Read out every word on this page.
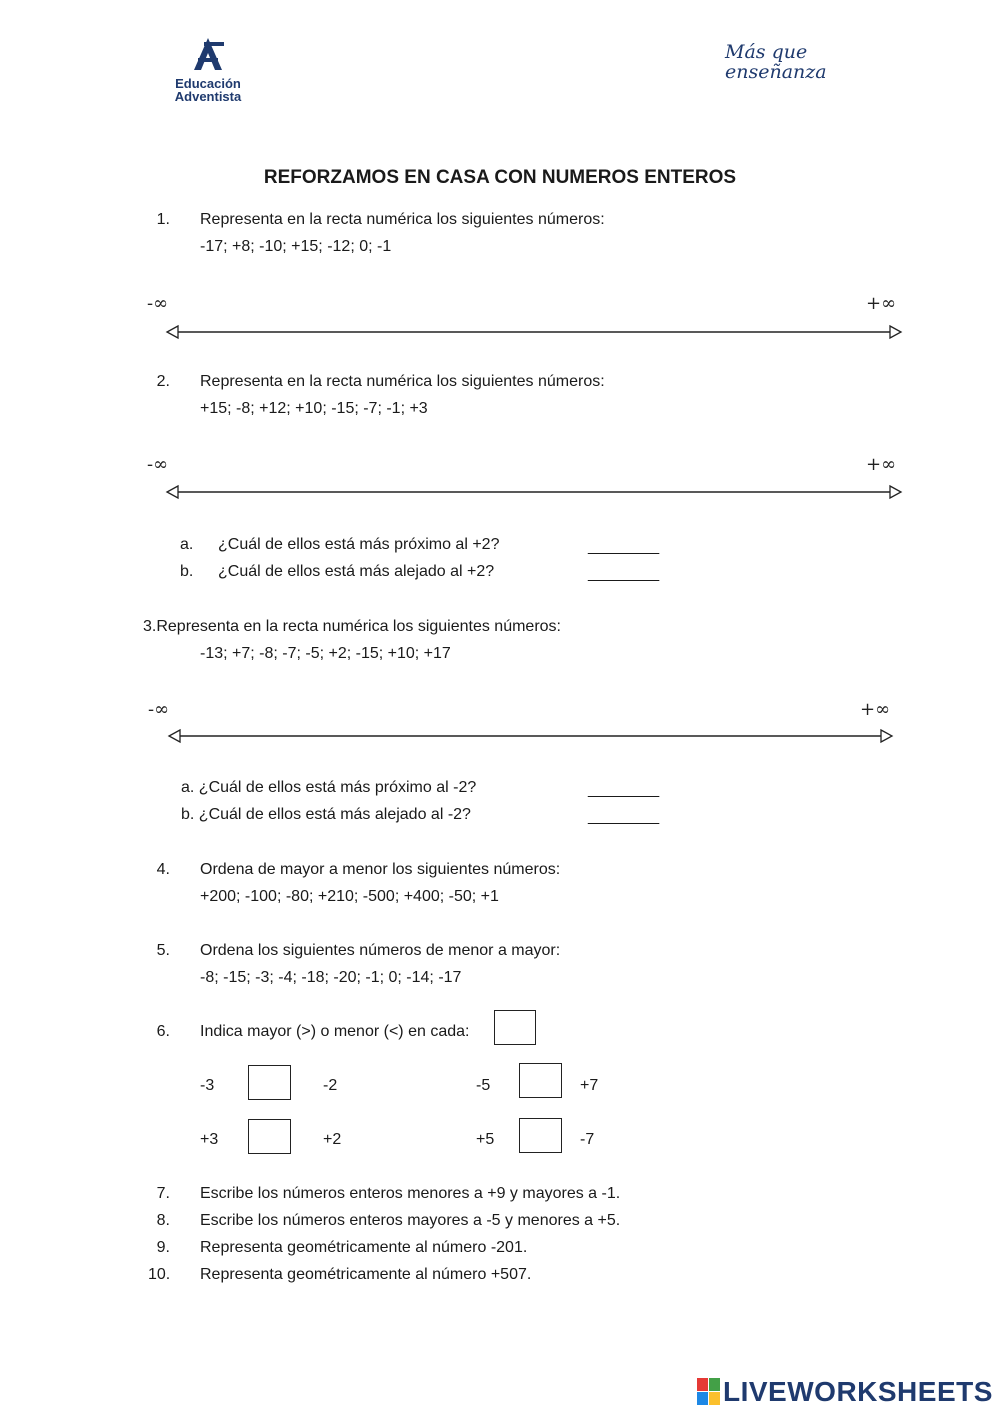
Educación
Adventista
Más que
enseñanza
REFORZAMOS EN CASA CON NUMEROS ENTEROS
1. Representa en la recta numérica los siguientes números:
-17; +8; -10; +15; -12; 0; -1
-∞	+∞
2. Representa en la recta numérica los siguientes números:
+15; -8; +12; +10; -15; -7; -1; +3
-∞	+∞
a. ¿Cuál de ellos está más próximo al +2?	________
b. ¿Cuál de ellos está más alejado al +2?	________
3.Representa en la recta numérica los siguientes números:
-13; +7; -8; -7; -5; +2; -15; +10; +17
-∞	+∞
a. ¿Cuál de ellos está más próximo al -2?	________
b. ¿Cuál de ellos está más alejado al -2?	________
4. Ordena de mayor a menor los siguientes números:
+200; -100; -80; +210; -500; +400; -50; +1
5. Ordena los siguientes números de menor a mayor:
-8; -15; -3; -4; -18; -20; -1; 0; -14; -17
6. Indica mayor (>) o menor (<) en cada:
-3	-2	-5	+7
+3	+2	+5	-7
7. Escribe los números enteros menores a +9 y mayores a -1.
8. Escribe los números enteros mayores a -5 y menores a +5.
9. Representa geométricamente al número -201.
10. Representa geométricamente al número +507.
LIVEWORKSHEETS
